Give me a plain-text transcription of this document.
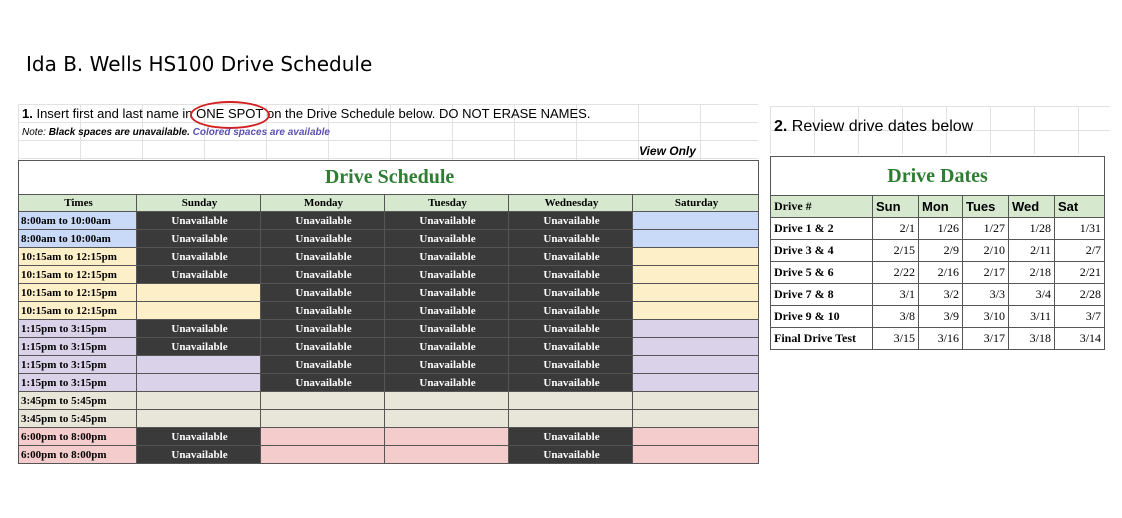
Ida B. Wells HS100 Drive Schedule
1. Insert first and last name in ONE SPOT on the Drive Schedule below. DO NOT ERASE NAMES.
Note: Black spaces are unavailable. Colored spaces are available
View Only
2. Review drive dates below
Drive Schedule					
Times	Sunday	Monday	Tuesday	Wednesday	Saturday
8:00am to 10:00am	Unavailable	Unavailable	Unavailable	Unavailable	
8:00am to 10:00am	Unavailable	Unavailable	Unavailable	Unavailable	
10:15am to 12:15pm	Unavailable	Unavailable	Unavailable	Unavailable	
10:15am to 12:15pm	Unavailable	Unavailable	Unavailable	Unavailable	
10:15am to 12:15pm		Unavailable	Unavailable	Unavailable	
10:15am to 12:15pm		Unavailable	Unavailable	Unavailable	
1:15pm to 3:15pm	Unavailable	Unavailable	Unavailable	Unavailable	
1:15pm to 3:15pm	Unavailable	Unavailable	Unavailable	Unavailable	
1:15pm to 3:15pm		Unavailable	Unavailable	Unavailable	
1:15pm to 3:15pm		Unavailable	Unavailable	Unavailable	
3:45pm to 5:45pm					
3:45pm to 5:45pm					
6:00pm to 8:00pm	Unavailable			Unavailable	
6:00pm to 8:00pm	Unavailable			Unavailable	
Drive Dates					
Drive #	Sun	Mon	Tues	Wed	Sat
Drive 1 & 2	2/1	1/26	1/27	1/28	1/31
Drive 3 & 4	2/15	2/9	2/10	2/11	2/7
Drive 5 & 6	2/22	2/16	2/17	2/18	2/21
Drive 7 & 8	3/1	3/2	3/3	3/4	2/28
Drive 9 & 10	3/8	3/9	3/10	3/11	3/7
Final Drive Test	3/15	3/16	3/17	3/18	3/14
